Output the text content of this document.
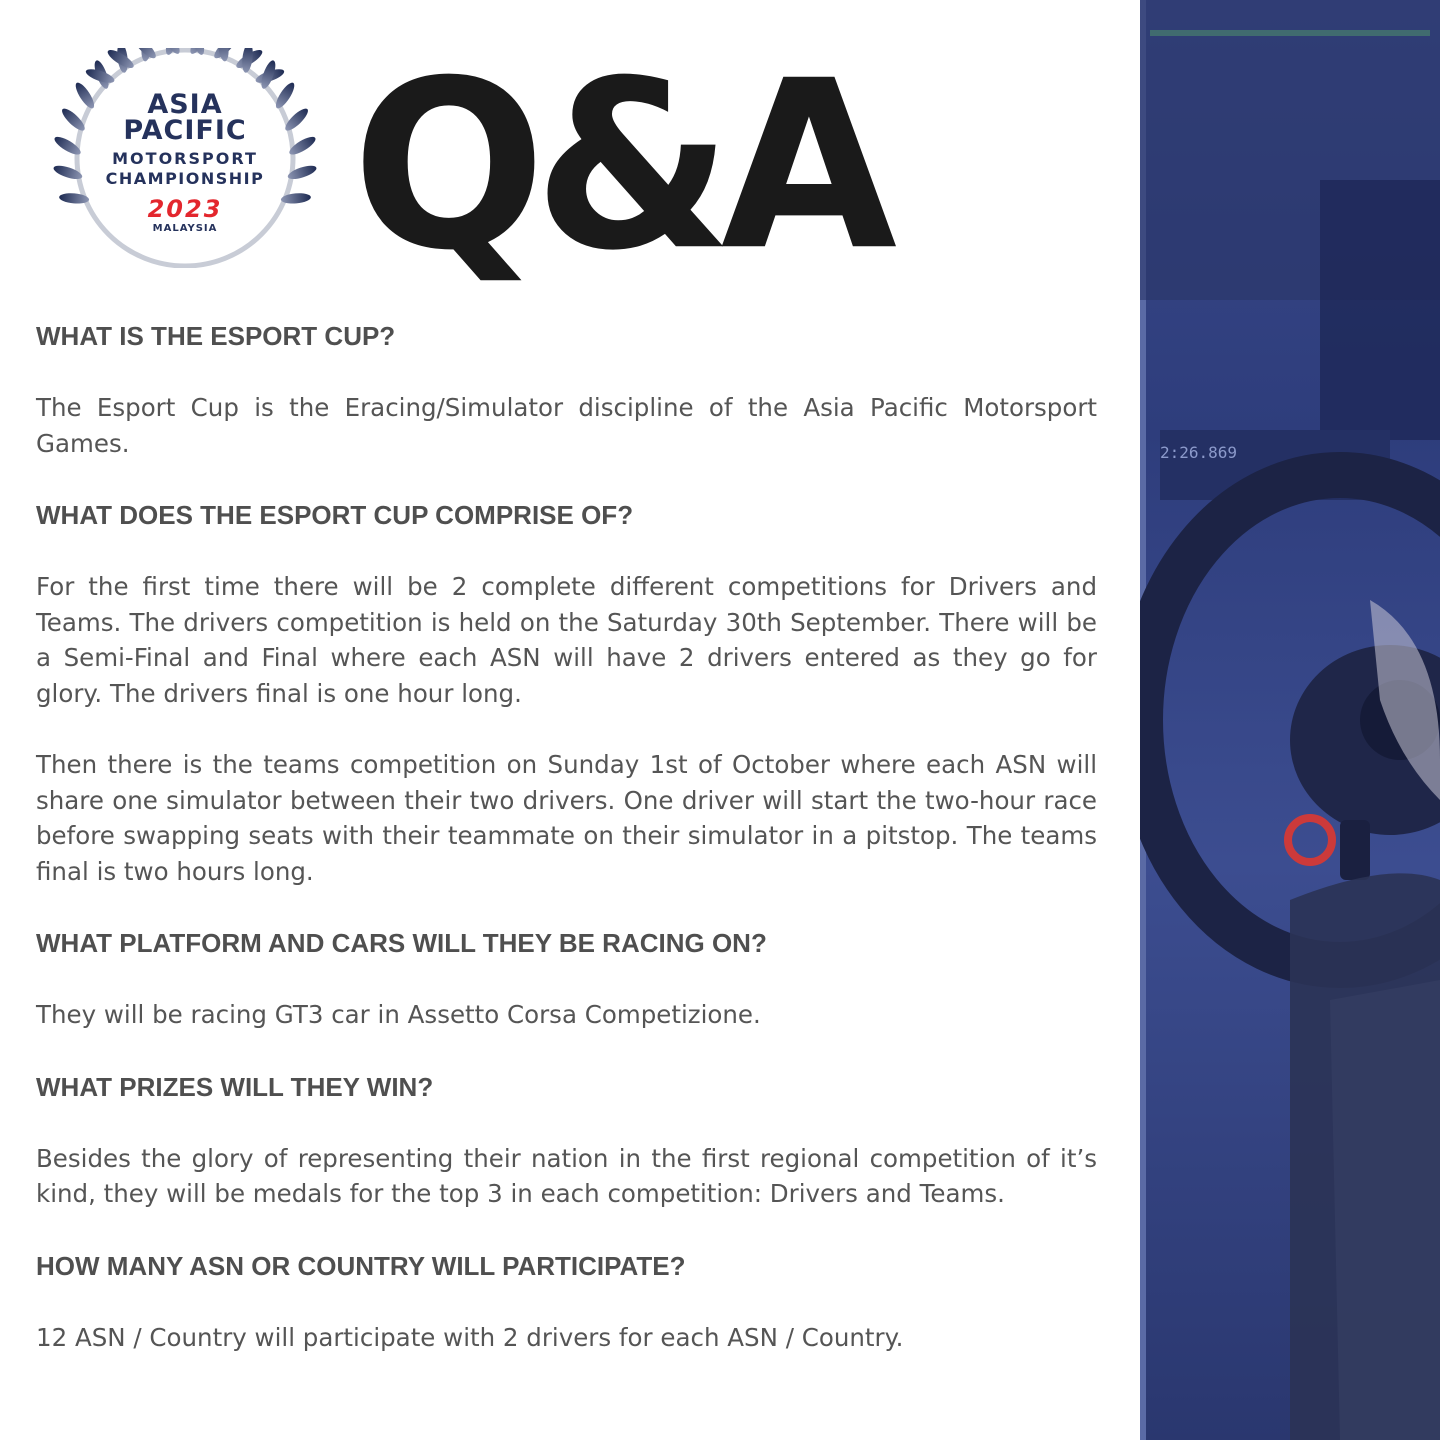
ASIA
PACIFIC
MOTORSPORT
CHAMPIONSHIP
2023
MALAYSIA Q&A
WHAT IS THE ESPORT CUP?
The Esport Cup is the Eracing/Simulator discipline of the Asia Pacific Motorsport Games.
WHAT DOES THE ESPORT CUP COMPRISE OF?
For the first time there will be 2 complete different competitions for Drivers and Teams. The drivers competition is held on the Saturday 30th September. There will be a Semi-Final and Final where each ASN will have 2 drivers entered as they go for glory. The drivers final is one hour long.
Then there is the teams competition on Sunday 1st of October where each ASN will share one simulator between their two drivers. One driver will start the two-hour race before swapping seats with their teammate on their simulator in a pitstop. The teams final is two hours long.
WHAT PLATFORM AND CARS WILL THEY BE RACING ON?
They will be racing GT3 car in Assetto Corsa Competizione.
WHAT PRIZES WILL THEY WIN?
Besides the glory of representing their nation in the first regional competition of it’s kind, they will be medals for the top 3 in each competition: Drivers and Teams.
HOW MANY ASN OR COUNTRY WILL PARTICIPATE?
12 ASN / Country will participate with 2 drivers for each ASN / Country.
2:26.869
